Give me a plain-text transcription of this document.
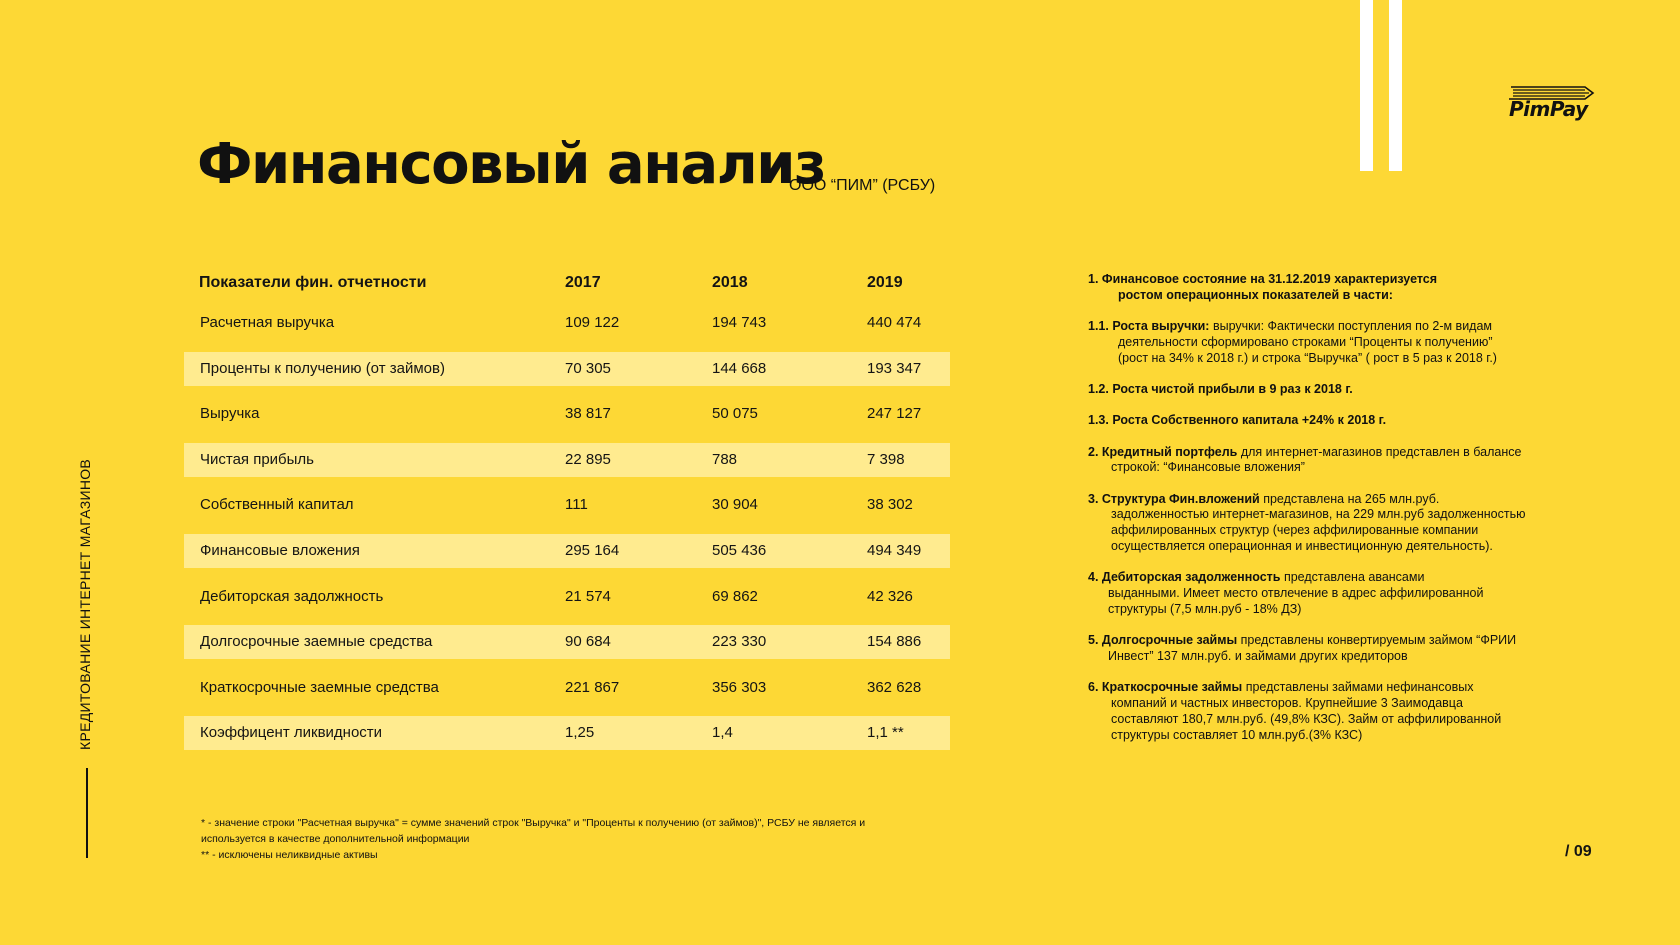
PimPay
Финансовый анализ
ООО “ПИМ” (РСБУ)
КРЕДИТОВАНИЕ ИНТЕРНЕТ МАГАЗИНОВ
Показатели фин. отчетности	2017	2018	2019
Расчетная выручка	109 122	194 743	440 474
Проценты к получению (от займов)	70 305	144 668	193 347
Выручка	38 817	50 075	247 127
Чистая прибыль	22 895	788	7 398
Собственный капитал	111	30 904	38 302
Финансовые вложения	295 164	505 436	494 349
Дебиторская задолжность	21 574	69 862	42 326
Долгосрочные заемные средства	90 684	223 330	154 886
Краткосрочные заемные средства	221 867	356 303	362 628
Коэффицент ликвидности	1,25	1,4	1,1 **
* - значение строки "Расчетная выручка" = сумме значений строк "Выручка" и "Проценты к получению (от займов)", РСБУ не является и
используется в качестве дополнительной информации
** - исключены неликвидные активы	/ 09
1. Финансовое состояние на 31.12.2019 характеризуется
ростом операционных показателей в части:
1.1. Роста выручки: выручки: Фактически поступления по 2-м видам
деятельности сформировано строками “Проценты к получению”
(рост на 34% к 2018 г.) и строка “Выручка” ( рост в 5 раз к 2018 г.)
1.2. Роста чистой прибыли в 9 раз к 2018 г.
1.3. Роста Собственного капитала +24% к 2018 г.
2. Кредитный портфель для интернет-магазинов представлен в балансе
строкой: “Финансовые вложения”
3. Структура Фин.вложений представлена на 265 млн.руб.
задолженностью интернет-магазинов, на 229 млн.руб задолженностью
аффилированных структур (через аффилированные компании
осуществляется операционная и инвестиционную деятельность).
4. Дебиторская задолженность представлена авансами
выданными. Имеет место отвлечение в адрес аффилированной
структуры (7,5 млн.руб - 18% ДЗ)
5. Долгосрочные займы представлены конвертируемым займом “ФРИИ
Инвест” 137 млн.руб. и займами других кредиторов
6. Краткосрочные займы представлены займами нефинансовых
компаний и частных инвесторов. Крупнейшие 3 Заимодавца
составляют 180,7 млн.руб. (49,8% КЗС). Займ от аффилированной
структуры составляет 10 млн.руб.(3% КЗС)
